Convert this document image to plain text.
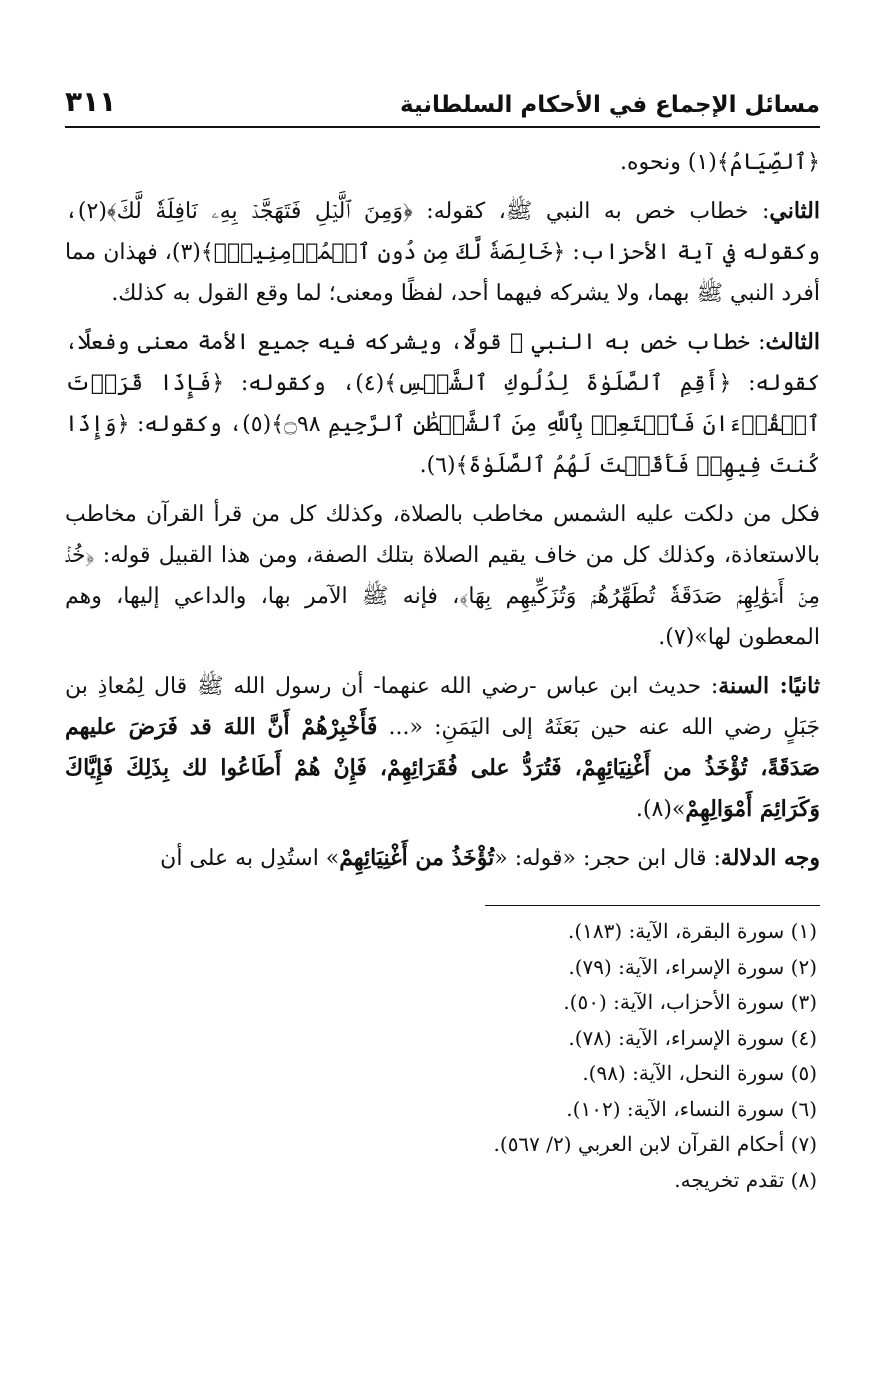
مسائل الإجماع في الأحكام السلطانية
٣١١

﴿ٱلصِّيَامُ﴾(١) ونحوه.

الثاني: خطاب خص به النبي ﷺ، كقوله: ﴿وَمِنَ ٱلَّيۡلِ فَتَهَجَّدۡ بِهِۦ نَافِلَةٗ لَّكَ﴾(٢)، وكقوله في آية الأحزاب: ﴿خَالِصَةٗ لَّكَ مِن دُونِ ٱلۡمُؤۡمِنِينَۗ﴾(٣)، فهذان مما أفرد النبي ﷺ بهما، ولا يشركه فيهما أحد، لفظًا ومعنى؛ لما وقع القول به كذلك.

الثالث: خطاب خص به النبي ﷺ قولًا، ويشركه فيه جميع الأمة معنى وفعلًا، كقوله: ﴿أَقِمِ ٱلصَّلَوٰةَ لِدُلُوكِ ٱلشَّمۡسِ﴾(٤)، وكقوله: ﴿فَإِذَا قَرَأۡتَ ٱلۡقُرۡءَانَ فَٱسۡتَعِذۡ بِٱللَّهِ مِنَ ٱلشَّيۡطَٰنِ ٱلرَّجِيمِ ۝٩٨﴾(٥)، وكقوله: ﴿وَإِذَا كُنتَ فِيهِمۡ فَأَقَمۡتَ لَهُمُ ٱلصَّلَوٰةَ﴾(٦).

فكل من دلكت عليه الشمس مخاطب بالصلاة، وكذلك كل من قرأ القرآن مخاطب بالاستعاذة، وكذلك كل من خاف يقيم الصلاة بتلك الصفة، ومن هذا القبيل قوله: ﴿خُذۡ مِنۡ أَمۡوَٰلِهِمۡ صَدَقَةٗ تُطَهِّرُهُمۡ وَتُزَكِّيهِم بِهَا﴾، فإنه ﷺ الآمر بها، والداعي إليها، وهم المعطون لها»(٧).

ثانيًا: السنة: حديث ابن عباس -رضي الله عنهما- أن رسول الله ﷺ قال لِمُعاذِ بن جَبَلٍ رضي الله عنه حين بَعَثَهُ إلى اليَمَنِ: «... فَأَخْبِرْهُمْ أَنَّ اللهَ قد فَرَضَ عليهم صَدَقَةً، تُؤْخَذُ من أَغْنِيَائِهِمْ، فَتُرَدُّ على فُقَرَائِهِمْ، فَإِنْ هُمْ أَطَاعُوا لك بِذَلِكَ فَإِيَّاكَ وَكَرَائِمَ أَمْوَالِهِمْ»(٨).

وجه الدلالة: قال ابن حجر: «قوله: «تُؤْخَذُ من أَغْنِيَائِهِمْ» استُدِل به على أن

(١) سورة البقرة، الآية: (١٨٣).
(٢) سورة الإسراء، الآية: (٧٩).
(٣) سورة الأحزاب، الآية: (٥٠).
(٤) سورة الإسراء، الآية: (٧٨).
(٥) سورة النحل، الآية: (٩٨).
(٦) سورة النساء، الآية: (١٠٢).
(٧) أحكام القرآن لابن العربي (٢/ ٥٦٧).
(٨) تقدم تخريجه.
